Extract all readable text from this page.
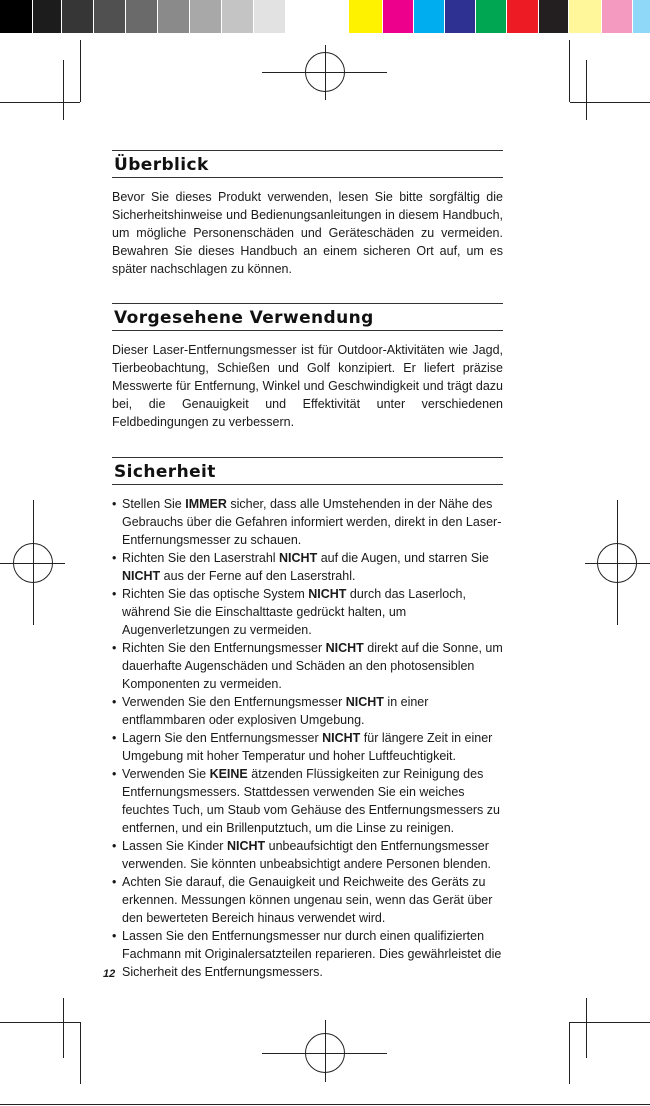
Überblick

Bevor Sie dieses Produkt verwenden, lesen Sie bitte sorgfältig die Sicherheitshinweise und Bedienungsanleitungen in diesem Handbuch, um mögliche Personenschäden und Geräteschäden zu vermeiden. Bewahren Sie dieses Handbuch an einem sicheren Ort auf, um es später nachschlagen zu können.

Vorgesehene Verwendung

Dieser Laser-Entfernungsmesser ist für Outdoor-Aktivitäten wie Jagd, Tierbeobachtung, Schießen und Golf konzipiert. Er liefert präzise Messwerte für Entfernung, Winkel und Geschwindigkeit und trägt dazu bei, die Genauigkeit und Effektivität unter verschiedenen Feldbedingungen zu verbessern.

Sicherheit
• Stellen Sie IMMER sicher, dass alle Umstehenden in der Nähe des Gebrauchs über die Gefahren informiert werden, direkt in den Laser-Entfernungsmesser zu schauen.
• Richten Sie den Laserstrahl NICHT auf die Augen, und starren Sie NICHT aus der Ferne auf den Laserstrahl.
• Richten Sie das optische System NICHT durch das Laserloch, während Sie die Einschalttaste gedrückt halten, um Augenverletzungen zu vermeiden.
• Richten Sie den Entfernungsmesser NICHT direkt auf die Sonne, um dauerhafte Augenschäden und Schäden an den photosensiblen Komponenten zu vermeiden.
• Verwenden Sie den Entfernungsmesser NICHT in einer entflammbaren oder explosiven Umgebung.
• Lagern Sie den Entfernungsmesser NICHT für längere Zeit in einer Umgebung mit hoher Temperatur und hoher Luftfeuchtigkeit.
• Verwenden Sie KEINE ätzenden Flüssigkeiten zur Reinigung des Entfernungsmessers. Stattdessen verwenden Sie ein weiches feuchtes Tuch, um Staub vom Gehäuse des Entfernungsmessers zu entfernen, und ein Brillenputztuch, um die Linse zu reinigen.
• Lassen Sie Kinder NICHT unbeaufsichtigt den Entfernungsmesser verwenden. Sie könnten unbeabsichtigt andere Personen blenden.
• Achten Sie darauf, die Genauigkeit und Reichweite des Geräts zu erkennen. Messungen können ungenau sein, wenn das Gerät über den bewerteten Bereich hinaus verwendet wird.
• Lassen Sie den Entfernungsmesser nur durch einen qualifizierten Fachmann mit Originalersatzteilen reparieren. Dies gewährleistet die Sicherheit des Entfernungsmessers.
12
